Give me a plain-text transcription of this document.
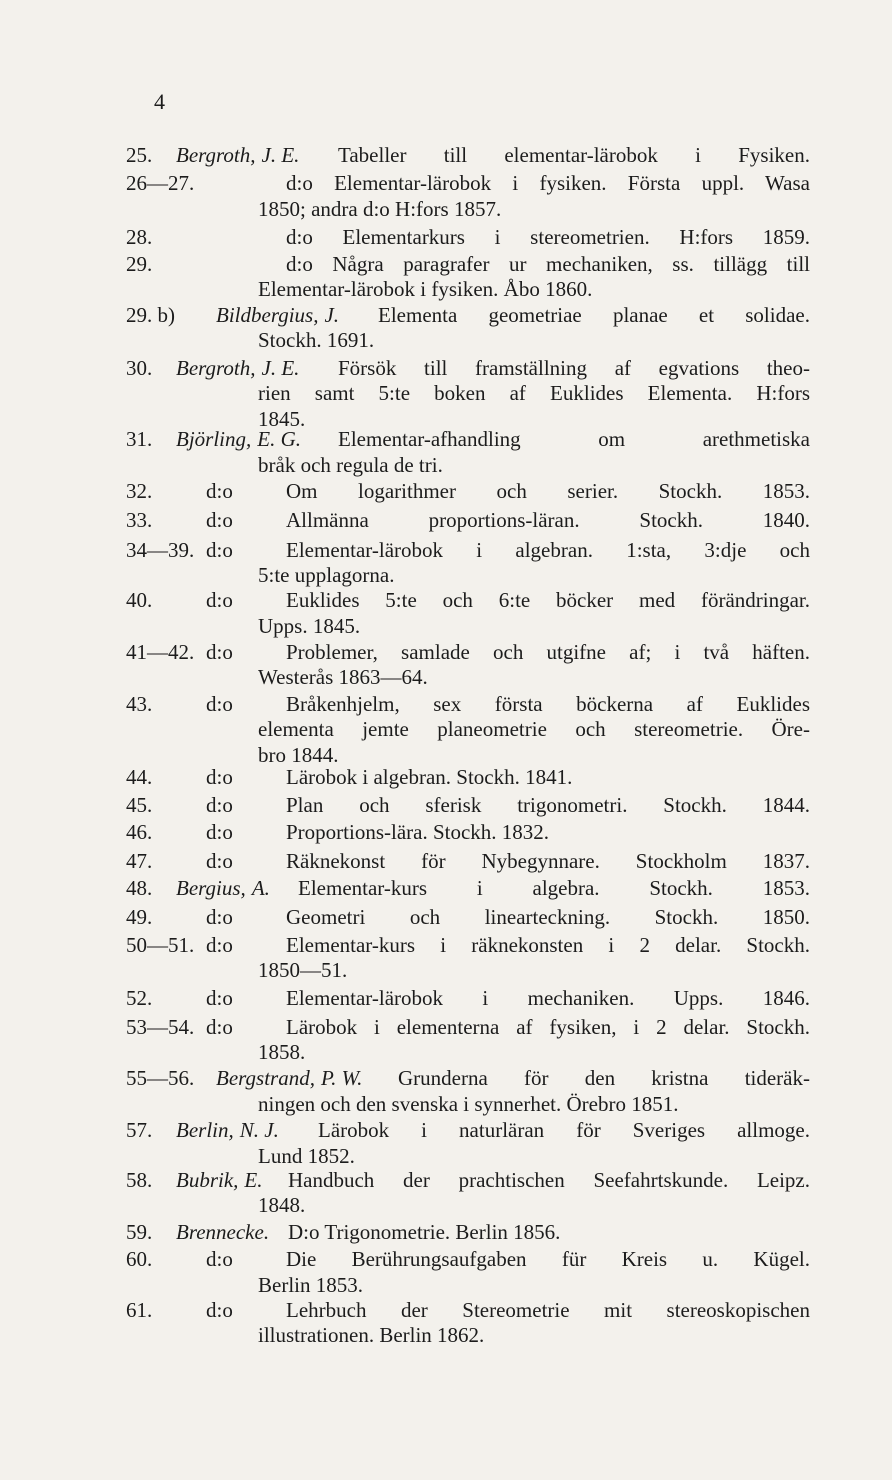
4
25. Bergroth, J. E. Tabeller till elementar-lärobok i Fysiken.
26—27.	d:o Elementar-lärobok i fysiken. Första uppl. Wasa
1850; andra d:o H:fors 1857.
28.	d:o Elementarkurs i stereometrien. H:fors 1859.
29.	d:o Några paragrafer ur mechaniken, ss. tillägg till
Elementar-lärobok i fysiken. Åbo 1860.
29. b) Bildbergius, J. Elementa geometriae planae et solidae.
Stockh. 1691.
30. Bergroth, J. E. Försök till framställning af egvations theo-
rien samt 5:te boken af Euklides Elementa. H:fors
1845.
31. Björling, E. G. Elementar-afhandling om arethmetiska
bråk och regula de tri.
32.	d:o	Om logarithmer och serier. Stockh. 1853.
33.	d:o	Allmänna proportions-läran. Stockh. 1840.
34—39. d:o	Elementar-lärobok i algebran. 1:sta, 3:dje och
5:te upplagorna.
40.	d:o	Euklides 5:te och 6:te böcker med förändringar.
Upps. 1845.
41—42. d:o	Problemer, samlade och utgifne af; i två häften.
Westerås 1863—64.
43.	d:o	Bråkenhjelm, sex första böckerna af Euklides
elementa jemte planeometrie och stereometrie. Öre-
bro 1844.
44.	d:o	Lärobok i algebran. Stockh. 1841.
45.	d:o	Plan och sferisk trigonometri. Stockh. 1844.
46.	d:o	Proportions-lära. Stockh. 1832.
47.	d:o	Räknekonst för Nybegynnare. Stockholm 1837.
48. Bergius, A. Elementar-kurs i algebra. Stockh. 1853.
49.	d:o	Geometri och linearteckning. Stockh. 1850.
50—51. d:o	Elementar-kurs i räknekonsten i 2 delar. Stockh.
1850—51.
52.	d:o	Elementar-lärobok i mechaniken. Upps. 1846.
53—54. d:o	Lärobok i elementerna af fysiken, i 2 delar. Stockh.
1858.
55—56. Bergstrand, P. W. Grunderna för den kristna tideräk-
ningen och den svenska i synnerhet. Örebro 1851.
57. Berlin, N. J. Lärobok i naturläran för Sveriges allmoge.
Lund 1852.
58. Bubrik, E. Handbuch der prachtischen Seefahrtskunde. Leipz.
1848.
59. Brennecke. D:o Trigonometrie. Berlin 1856.
60.	d:o	Die Berührungsaufgaben für Kreis u. Kügel.
Berlin 1853.
61.	d:o	Lehrbuch der Stereometrie mit stereoskopischen
illustrationen. Berlin 1862.
